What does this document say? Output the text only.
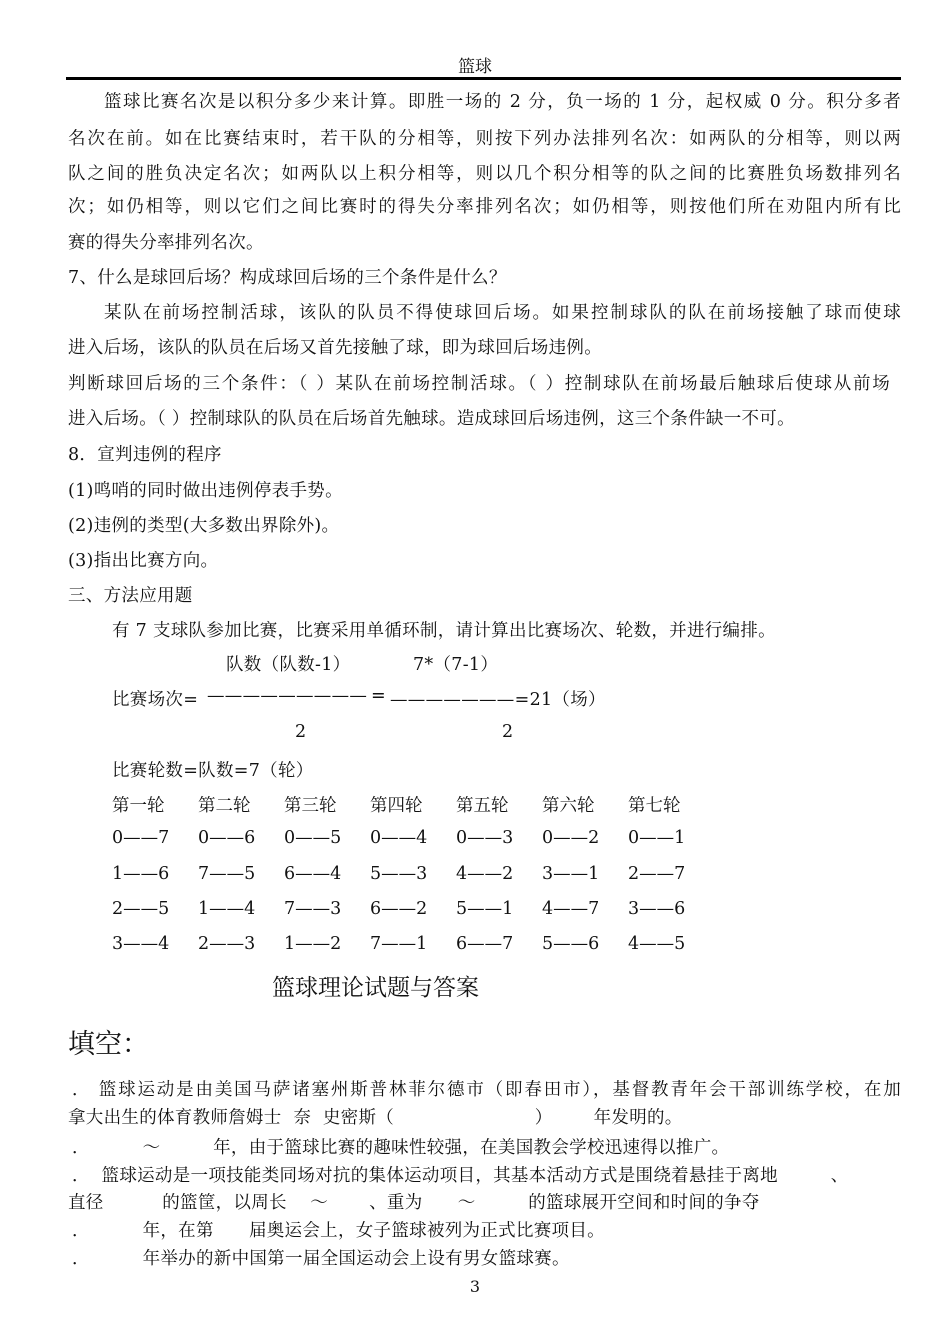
篮球
篮球比赛名次是以积分多少来计算。即胜一场的 2 分，负一场的 1 分，起权威 0 分。积分多者
名次在前。如在比赛结束时，若干队的分相等，则按下列办法排列名次：如两队的分相等，则以两
队之间的胜负决定名次；如两队以上积分相等，则以几个积分相等的队之间的比赛胜负场数排列名
次；如仍相等，则以它们之间比赛时的得失分率排列名次；如仍相等，则按他们所在劝阻内所有比
赛的得失分率排列名次。
7、什么是球回后场？构成球回后场的三个条件是什么？
某队在前场控制活球，该队的队员不得使球回后场。如果控制球队的队在前场接触了球而使球
进入后场，该队的队员在后场又首先接触了球，即为球回后场违例。
判断球回后场的三个条件：（ ）某队在前场控制活球。（ ）控制球队在前场最后触球后使球从前场
进入后场。（ ）控制球队的队员在后场首先触球。造成球回后场违例，这三个条件缺一不可。
8．宣判违例的程序
(1)鸣哨的同时做出违例停表手势。
(2)违例的类型(大多数出界除外)。
(3)指出比赛方向。
三、方法应用题
有 7 支球队参加比赛，比赛采用单循环制，请计算出比赛场次、轮数，并进行编排。
队数（队数-1）	7*（7-1）
比赛场次= ————————— = ———————=21（场）
2	2
比赛轮数=队数=7（轮）
第一轮 第二轮 第三轮 第四轮 第五轮 第六轮 第七轮
0——7 0——6 0——5 0——4 0——3 0——2 0——1
1——6 7——5 6——4 5——3 4——2 3——1 2——7
2——5 1——4 7——3 6——2 5——1 4——7 3——6
3——4 2——3 1——2 7——1 6——7 5——6 4——5
篮球理论试题与答案
填空：
． 篮球运动是由美国马萨诸塞州斯普林菲尔德市（即春田市），基督教青年会干部训练学校，在加
拿大出生的体育教师詹姆士  奈  史密斯（                        ）       年发明的。
．         ～         年，由于篮球比赛的趣味性较强，在美国教会学校迅速得以推广。
．  篮球运动是一项技能类同场对抗的集体运动项目，其基本活动方式是围绕着悬挂于离地         、
直径          的篮筐，以周长    ～       、重为      ～         的篮球展开空间和时间的争夺
．         年，在第      届奥运会上，女子篮球被列为正式比赛项目。
．         年举办的新中国第一届全国运动会上设有男女篮球赛。
3
